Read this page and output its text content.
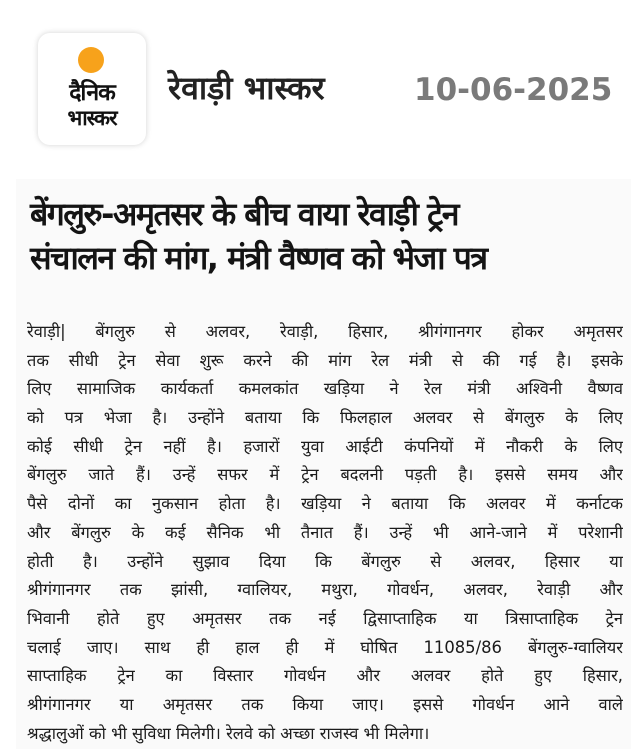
दैनिक
भास्कर
रेवाड़ी भास्कर	10-06-2025
बेंगलुरु-अमृतसर के बीच वाया रेवाड़ी ट्रेन
संचालन की मांग, मंत्री वैष्णव को भेजा पत्र
रेवाड़ी| बेंगलुरु से अलवर, रेवाड़ी, हिसार, श्रीगंगानगर होकर अमृतसर
तक सीधी ट्रेन सेवा शुरू करने की मांग रेल मंत्री से की गई है। इसके
लिए सामाजिक कार्यकर्ता कमलकांत खड़िया ने रेल मंत्री अश्विनी वैष्णव
को पत्र भेजा है। उन्होंने बताया कि फिलहाल अलवर से बेंगलुरु के लिए
कोई सीधी ट्रेन नहीं है। हजारों युवा आईटी कंपनियों में नौकरी के लिए
बेंगलुरु जाते हैं। उन्हें सफर में ट्रेन बदलनी पड़ती है। इससे समय और
पैसे दोनों का नुकसान होता है। खड़िया ने बताया कि अलवर में कर्नाटक
और बेंगलुरु के कई सैनिक भी तैनात हैं। उन्हें भी आने-जाने में परेशानी
होती है। उन्होंने सुझाव दिया कि बेंगलुरु से अलवर, हिसार या
श्रीगंगानगर तक झांसी, ग्वालियर, मथुरा, गोवर्धन, अलवर, रेवाड़ी और
भिवानी होते हुए अमृतसर तक नई द्विसाप्ताहिक या त्रिसाप्ताहिक ट्रेन
चलाई जाए। साथ ही हाल ही में घोषित 11085/86 बेंगलुरु-ग्वालियर
साप्ताहिक ट्रेन का विस्तार गोवर्धन और अलवर होते हुए हिसार,
श्रीगंगानगर या अमृतसर तक किया जाए। इससे गोवर्धन आने वाले
श्रद्धालुओं को भी सुविधा मिलेगी। रेलवे को अच्छा राजस्व भी मिलेगा।
